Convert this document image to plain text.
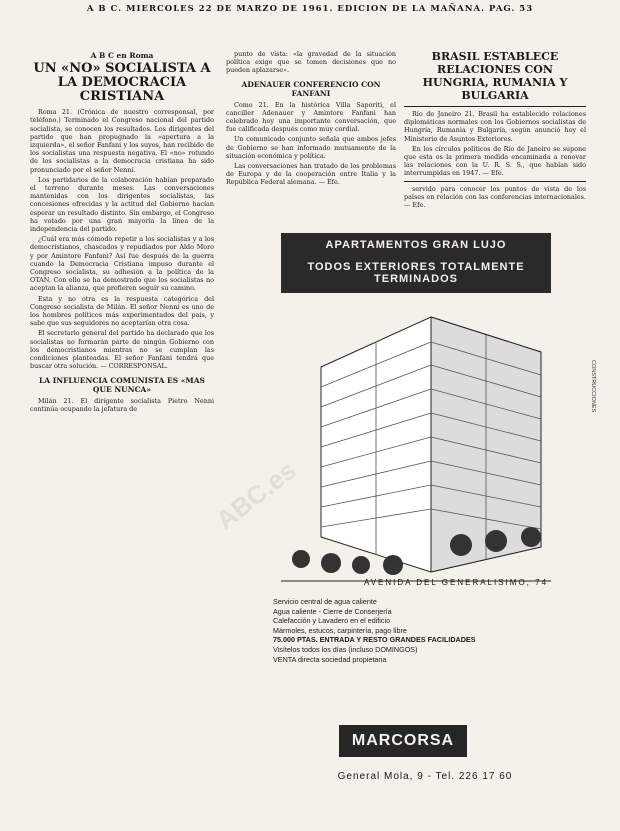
A B C. MIERCOLES 22 DE MARZO DE 1961. EDICION DE LA MAÑANA. PAG. 53
A B C en Roma
UN «NO» SOCIALISTA A LA DEMOCRACIA CRISTIANA

Roma 21. (Crónica de nuestro corresponsal, por teléfono.) Terminado el Congreso nacional del partido socialista, se conocen los resultados. Los dirigentes del partido que han propugnado la «apertura a la izquierda», el señor Fanfani y los suyos, han recibido de los socialistas una respuesta negativa. El «no» rotundo de los socialistas a la democracia cristiana ha sido pronunciado por el señor Nenni.

Los partidarios de la colaboración habían preparado el terreno durante meses. Las conversaciones mantenidas con los dirigentes socialistas, las concesiones ofrecidas y la actitud del Gobierno hacían esperar un resultado distinto. Sin embargo, el Congreso ha votado por una gran mayoría la línea de la independencia del partido.

¿Cuál era más cómodo repetir a los socialistas y a los democristianos, chascados y repudiados por Aldo Moro y por Amintore Fanfani? Así fue después de la guerra cuando la Democracia Cristiana impuso durante el Congreso socialista, su adhesión a la política de la OTAN. Con ello se ha demostrado que los socialistas no aceptan la alianza, que prefieren seguir su camino.

Esta y no otra es la respuesta categórica del Congreso socialista de Milán. El señor Nenni es uno de los hombres políticos más experimentados del país, y sabe que sus seguidores no aceptarían otra cosa.

El secretario general del partido ha declarado que los socialistas no formarán parte de ningún Gobierno con los democristianos mientras no se cumplan las condiciones planteadas. El señor Fanfani tendrá que buscar otra solución. — CORRESPONSAL.

LA INFLUENCIA COMUNISTA ES «MAS QUE NUNCA»

Milán 21. El dirigente socialista Pietro Nenni continúa ocupando la jefatura de

punto de vista: «la gravedad de la situación política exige que se tomen decisiones que no pueden aplazarse».

ADENAUER CONFERENCIO CON FANFANI

Como 21. En la histórica Villa Saporiti, el canciller Adenauer y Amintore Fanfani han celebrado hoy una importante conversación, que fue calificada después como muy cordial.

Un comunicado conjunto señala que ambos jefes de Gobierno se han informado mutuamente de la situación económica y política.

Las conversaciones han tratado de los problemas de Europa y de la cooperación entre Italia y la República Federal alemana. — Efe.

BRASIL ESTABLECE RELACIONES CON HUNGRIA, RUMANIA Y BULGARIA

Río de Janeiro 21. Brasil ha establecido relaciones diplomáticas normales con los Gobiernos socialistas de Hungría, Rumania y Bulgaria, según anunció hoy el Ministerio de Asuntos Exteriores.

En los círculos políticos de Río de Janeiro se supone que esta es la primera medida encaminada a renovar las relaciones con la U. R. S. S., que habían sido interrumpidas en 1947. — Efe.

servido para conocer los puntos de vista de los países en relación con las conferencias internacionales. — Efe.

APARTAMENTOS GRAN LUJO
TODOS EXTERIORES TOTALMENTE TERMINADOS
AVENIDA DEL GENERALISIMO, 74
Servicio central de agua caliente
Agua caliente - Cierre de Conserjería
Calefacción y Lavadero en el edificio
Mármoles, estucos, carpintería, pago libre
75.000 PTAS. ENTRADA Y RESTO GRANDES FACILIDADES
Visítelos todos los días (incluso DOMINGOS)
VENTA directa sociedad propietaria
MARCORSA
General Mola, 9 - Tel. 226 17 60
CONSTRUCCIONES
ABC.es
